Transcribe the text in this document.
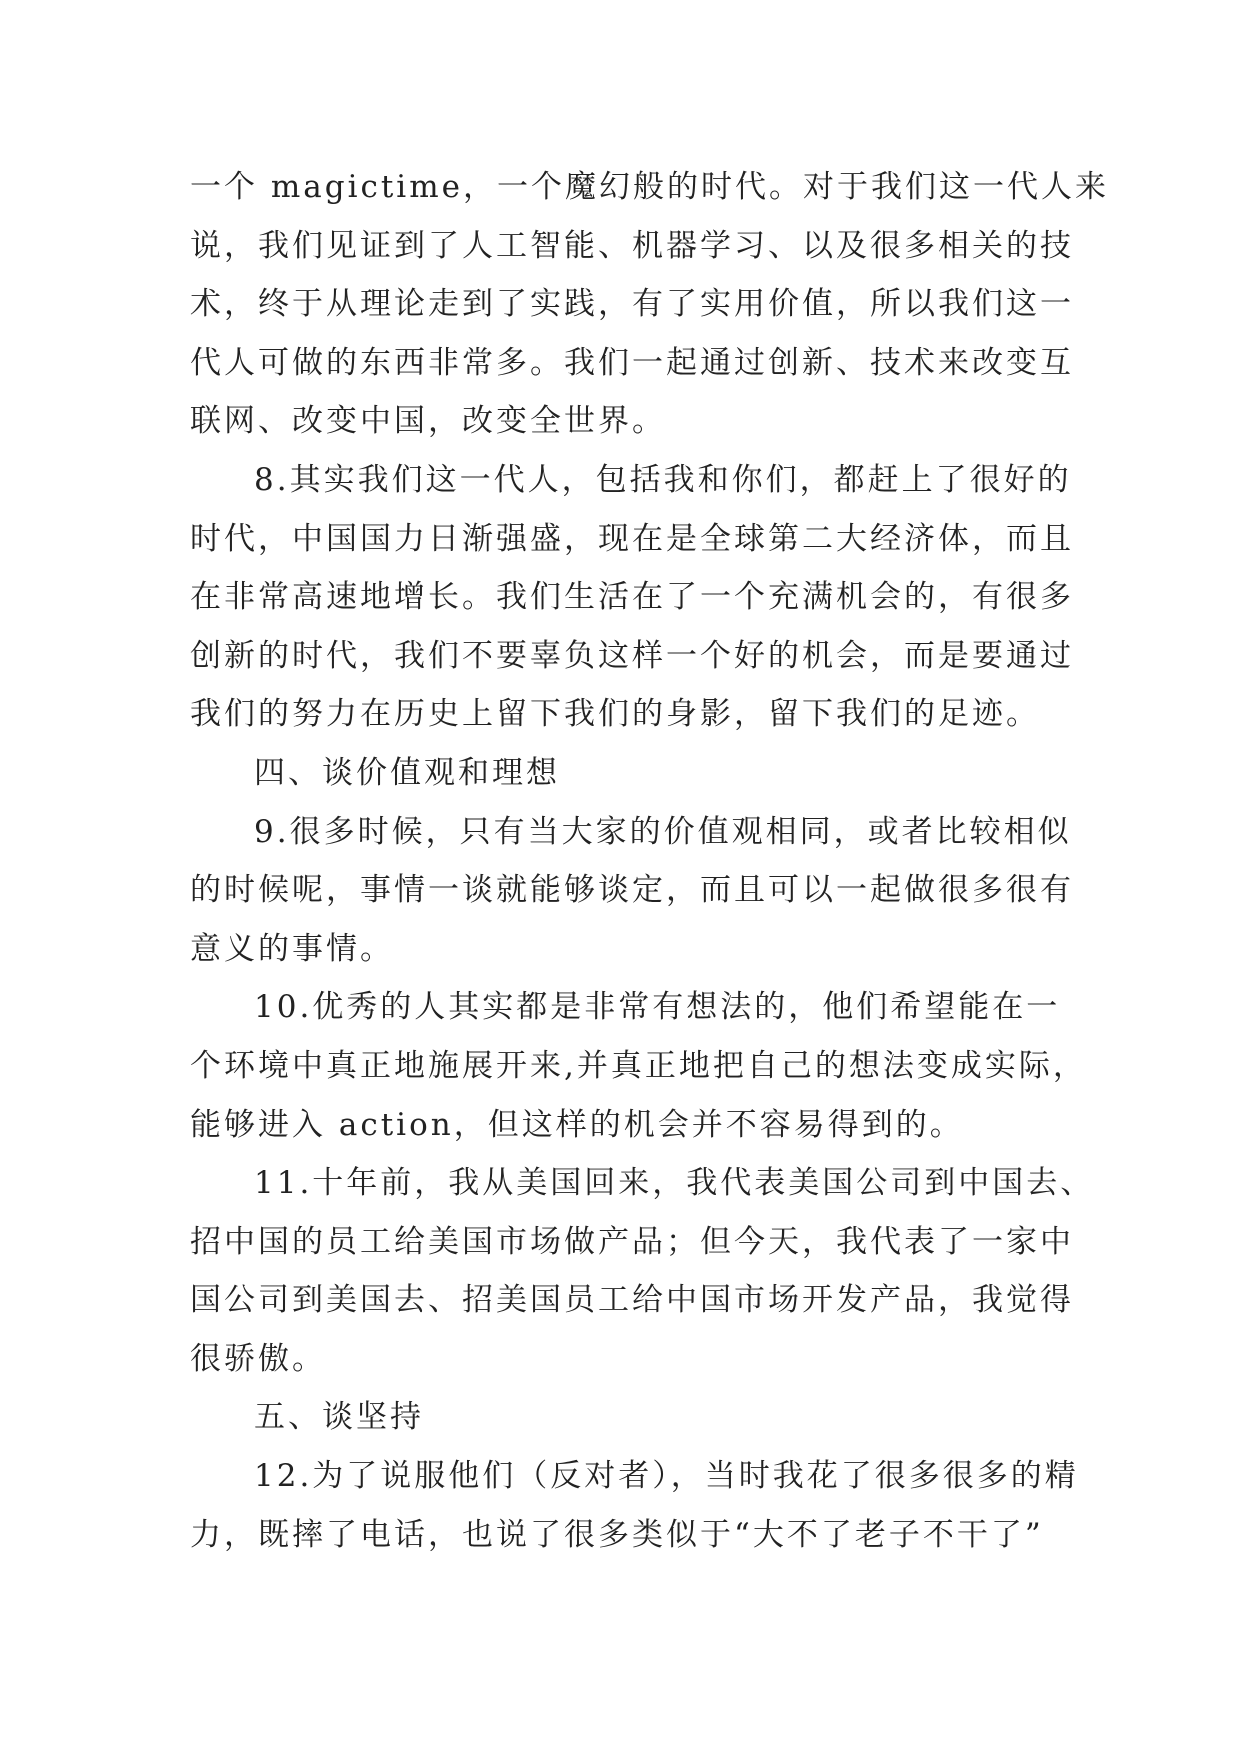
一个 magictime，一个魔幻般的时代。对于我们这一代人来
说，我们见证到了人工智能、机器学习、以及很多相关的技
术，终于从理论走到了实践，有了实用价值，所以我们这一
代人可做的东西非常多。我们一起通过创新、技术来改变互
联网、改变中国，改变全世界。
8.其实我们这一代人，包括我和你们，都赶上了很好的
时代，中国国力日渐强盛，现在是全球第二大经济体，而且
在非常高速地增长。我们生活在了一个充满机会的，有很多
创新的时代，我们不要辜负这样一个好的机会，而是要通过
我们的努力在历史上留下我们的身影，留下我们的足迹。
四、谈价值观和理想
9.很多时候，只有当大家的价值观相同，或者比较相似
的时候呢，事情一谈就能够谈定，而且可以一起做很多很有
意义的事情。
10.优秀的人其实都是非常有想法的，他们希望能在一
个环境中真正地施展开来,并真正地把自己的想法变成实际，
能够进入 action，但这样的机会并不容易得到的。
11.十年前，我从美国回来，我代表美国公司到中国去、
招中国的员工给美国市场做产品；但今天，我代表了一家中
国公司到美国去、招美国员工给中国市场开发产品，我觉得
很骄傲。
五、谈坚持
12.为了说服他们（反对者），当时我花了很多很多的精
力，既摔了电话，也说了很多类似于“大不了老子不干了”
